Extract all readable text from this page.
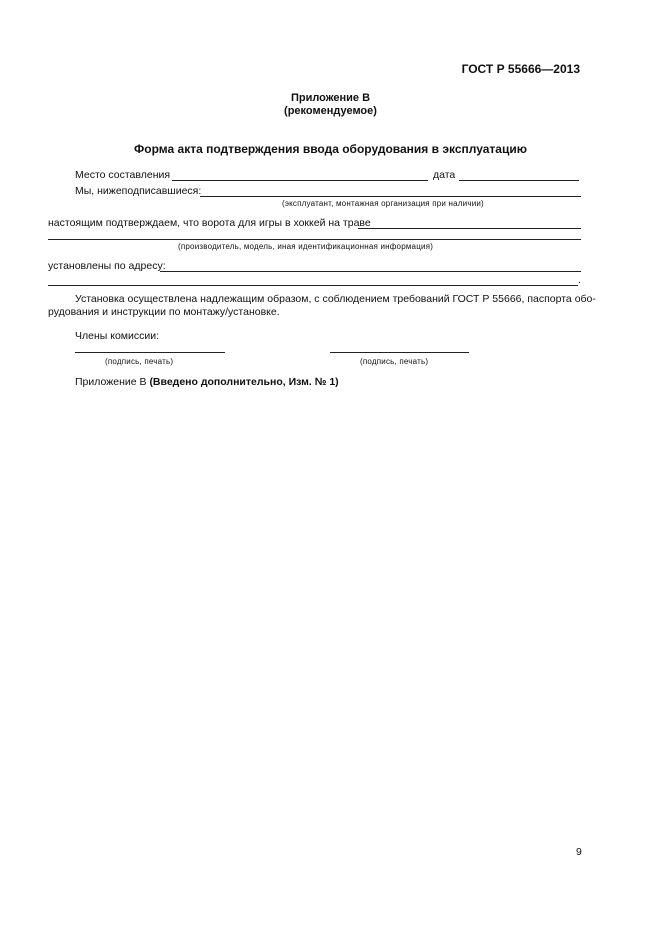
ГОСТ Р 55666—2013
Приложение В
(рекомендуемое)
Форма акта подтверждения ввода оборудования в эксплуатацию
Место составления	дата
Мы, нижеподписавшиеся:
(эксплуатант, монтажная организация при наличии)
настоящим подтверждаем, что ворота для игры в хоккей на траве
(производитель, модель, иная идентификационная информация)
установлены по адресу:
.
Установка осуществлена надлежащим образом, с соблюдением требований ГОСТ Р 55666, паспорта обо-
рудования и инструкции по монтажу/установке.
Члены комиссии:
(подпись, печать)	(подпись, печать)
Приложение В (Введено дополнительно, Изм. № 1)
9
